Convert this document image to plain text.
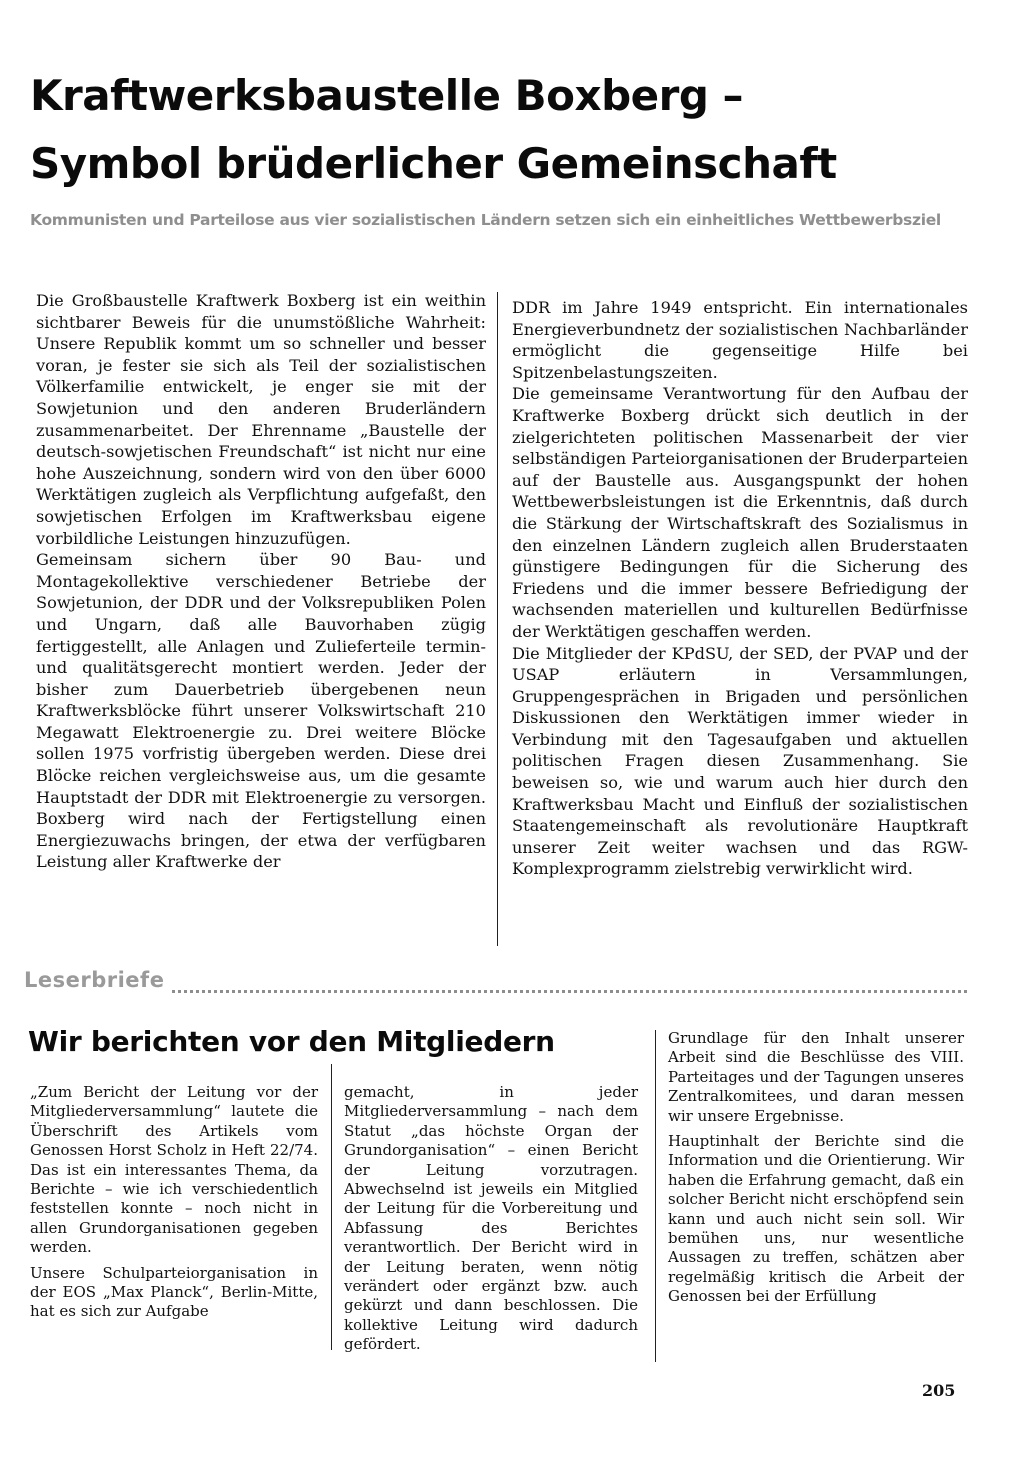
Kraftwerksbaustelle Boxberg –
Symbol brüderlicher Gemeinschaft

Kommunisten und Parteilose aus vier sozialistischen Ländern setzen sich ein einheitliches Wettbewerbsziel

Die Großbaustelle Kraftwerk Boxberg ist ein weithin sichtbarer Beweis für die unumstößliche Wahrheit: Unsere Republik kommt um so schneller und besser voran, je fester sie sich als Teil der sozialistischen Völkerfamilie entwickelt, je enger sie mit der Sowjetunion und den anderen Bruderländern zusammenarbeitet. Der Ehrenname „Baustelle der deutsch-sowjetischen Freundschaft“ ist nicht nur eine hohe Auszeichnung, sondern wird von den über 6000 Werktätigen zugleich als Verpflichtung aufgefaßt, den sowjetischen Erfolgen im Kraftwerksbau eigene vorbildliche Leistungen hinzuzufügen.

Gemeinsam sichern über 90 Bau- und Montagekollektive verschiedener Betriebe der Sowjetunion, der DDR und der Volksrepubliken Polen und Ungarn, daß alle Bauvorhaben zügig fertiggestellt, alle Anlagen und Zulieferteile termin- und qualitätsgerecht montiert werden. Jeder der bisher zum Dauerbetrieb übergebenen neun Kraftwerksblöcke führt unserer Volkswirtschaft 210 Megawatt Elektroenergie zu. Drei weitere Blöcke sollen 1975 vorfristig übergeben werden. Diese drei Blöcke reichen vergleichsweise aus, um die gesamte Hauptstadt der DDR mit Elektroenergie zu versorgen. Boxberg wird nach der Fertigstellung einen Energiezuwachs bringen, der etwa der verfügbaren Leistung aller Kraftwerke der

DDR im Jahre 1949 entspricht. Ein internationales Energieverbundnetz der sozialistischen Nachbarländer ermöglicht die gegenseitige Hilfe bei Spitzenbelastungszeiten.

Die gemeinsame Verantwortung für den Aufbau der Kraftwerke Boxberg drückt sich deutlich in der zielgerichteten politischen Massenarbeit der vier selbständigen Parteiorganisationen der Bruderparteien auf der Baustelle aus. Ausgangspunkt der hohen Wettbewerbsleistungen ist die Erkenntnis, daß durch die Stärkung der Wirtschaftskraft des Sozialismus in den einzelnen Ländern zugleich allen Bruderstaaten günstigere Bedingungen für die Sicherung des Friedens und die immer bessere Befriedigung der wachsenden materiellen und kulturellen Bedürfnisse der Werktätigen geschaffen werden.

Die Mitglieder der KPdSU, der SED, der PVAP und der USAP erläutern in Versammlungen, Gruppengesprächen in Brigaden und persönlichen Diskussionen den Werktätigen immer wieder in Verbindung mit den Tagesaufgaben und aktuellen politischen Fragen diesen Zusammenhang. Sie beweisen so, wie und warum auch hier durch den Kraftwerksbau Macht und Einfluß der sozialistischen Staatengemeinschaft als revolutionäre Hauptkraft unserer Zeit weiter wachsen und das RGW-Komplexprogramm zielstrebig verwirklicht wird.

Leserbriefe
Wir berichten vor den Mitgliedern

„Zum Bericht der Leitung vor der Mitgliederversammlung“ lautete die Überschrift des Artikels vom Genossen Horst Scholz in Heft 22/74. Das ist ein interessantes Thema, da Berichte – wie ich verschiedentlich feststellen konnte – noch nicht in allen Grundorganisationen gegeben werden.

Unsere Schulparteiorganisation in der EOS „Max Planck“, Berlin-Mitte, hat es sich zur Aufgabe

gemacht, in jeder Mitgliederversammlung – nach dem Statut „das höchste Organ der Grundorganisation“ – einen Bericht der Leitung vorzutragen. Abwechselnd ist jeweils ein Mitglied der Leitung für die Vorbereitung und Abfassung des Berichtes verantwortlich. Der Bericht wird in der Leitung beraten, wenn nötig verändert oder ergänzt bzw. auch gekürzt und dann beschlossen. Die kollektive Leitung wird dadurch gefördert.

Grundlage für den Inhalt unserer Arbeit sind die Beschlüsse des VIII. Parteitages und der Tagungen unseres Zentralkomitees, und daran messen wir unsere Ergebnisse.

Hauptinhalt der Berichte sind die Information und die Orientierung. Wir haben die Erfahrung gemacht, daß ein solcher Bericht nicht erschöpfend sein kann und auch nicht sein soll. Wir bemühen uns, nur wesentliche Aussagen zu treffen, schätzen aber regelmäßig kritisch die Arbeit der Genossen bei der Erfüllung

205
